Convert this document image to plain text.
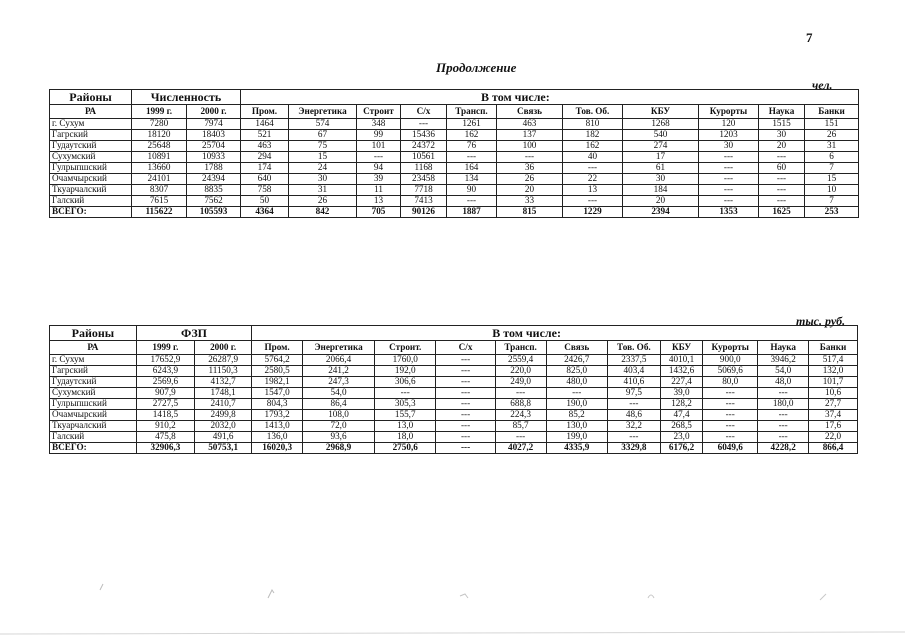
7
Продолжение
чел.
тыс. руб.
Районы	Численность		В том числе:										
РА	1999 г.	2000 г.	Пром.	Энергетика	Строит	С/х	Трансп.	Связь	Тов. Об.	КБУ	Курорты	Наука	Банки
г. Сухум	7280	7974	1464	574	348	---	1261	463	810	1268	120	1515	151
Гагрский	18120	18403	521	67	99	15436	162	137	182	540	1203	30	26
Гудаутский	25648	25704	463	75	101	24372	76	100	162	274	30	20	31
Сухумский	10891	10933	294	15	---	10561	---	---	40	17	---	---	6
Гулрыпшский	13660	1788	174	24	94	1168	164	36	---	61	---	60	7
Очамчырский	24101	24394	640	30	39	23458	134	26	22	30	---	---	15
Ткуарчалский	8307	8835	758	31	11	7718	90	20	13	184	---	---	10
Галский	7615	7562	50	26	13	7413	---	33	---	20	---	---	7
ВСЕГО:	115622	105593	4364	842	705	90126	1887	815	1229	2394	1353	1625	253
Районы	ФЗП		В том числе:										
РА	1999 г.	2000 г.	Пром.	Энергетика	Строит.	С/х	Трансп.	Связь	Тов. Об.	КБУ	Курорты	Наука	Банки
г. Сухум	17652,9	26287,9	5764,2	2066,4	1760,0	---	2559,4	2426,7	2337,5	4010,1	900,0	3946,2	517,4
Гагрский	6243,9	11150,3	2580,5	241,2	192,0	---	220,0	825,0	403,4	1432,6	5069,6	54,0	132,0
Гудаутский	2569,6	4132,7	1982,1	247,3	306,6	---	249,0	480,0	410,6	227,4	80,0	48,0	101,7
Сухумский	907,9	1748,1	1547,0	54,0	---	---	---	---	97,5	39,0	---	---	10,6
Гулрыпшский	2727,5	2410,7	804,3	86,4	305,3	---	688,8	190,0	---	128,2	---	180,0	27,7
Очамчырский	1418,5	2499,8	1793,2	108,0	155,7	---	224,3	85,2	48,6	47,4	---	---	37,4
Ткуарчалский	910,2	2032,0	1413,0	72,0	13,0	---	85,7	130,0	32,2	268,5	---	---	17,6
Галский	475,8	491,6	136,0	93,6	18,0	---	---	199,0	---	23,0	---	---	22,0
ВСЕГО:	32906,3	50753,1	16020,3	2968,9	2750,6	---	4027,2	4335,9	3329,8	6176,2	6049,6	4228,2	866,4
